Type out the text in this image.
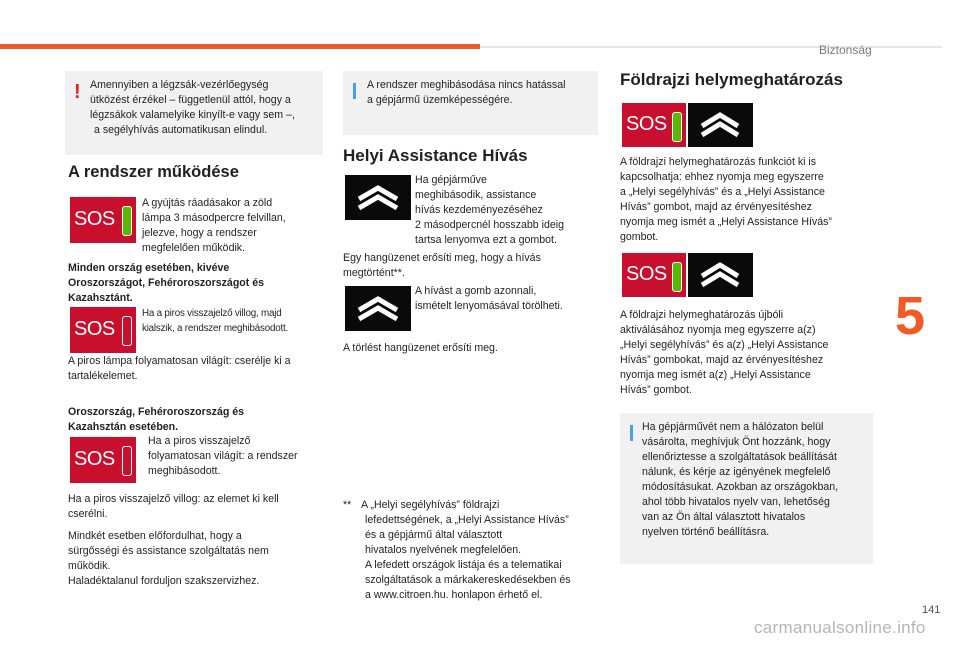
Biztonság
5
! Amennyiben a légzsák-vezérlőegység
ütközést érzékel – függetlenül attól, hogy a
légzsákok valamelyike kinyílt-e vagy sem –,
a segélyhívás automatikusan elindul.
A rendszer működése
SOS
A gyújtás ráadásakor a zöld
lámpa 3 másodpercre felvillan,
jelezve, hogy a rendszer
megfelelően működik.
Minden ország esetében, kivéve
Oroszországot, Fehéroroszországot és
Kazahsztánt.
SOS
Ha a piros visszajelző villog, majd
kialszik, a rendszer meghibásodott.
A piros lámpa folyamatosan világít: cserélje ki a
tartalékelemet.
Oroszország, Fehéroroszország és
Kazahsztán esetében.
SOS
Ha a piros visszajelző
folyamatosan világít: a rendszer
meghibásodott.
Ha a piros visszajelző villog: az elemet ki kell
cserélni.
Mindkét esetben előfordulhat, hogy a
sürgősségi és assistance szolgáltatás nem
működik.
Haladéktalanul forduljon szakszervizhez.
A rendszer meghibásodása nincs hatással
a gépjármű üzemképességére.
Helyi Assistance Hívás
Ha gépjárműve
meghibásodik, assistance
hívás kezdeményezéséhez
2 másodpercnél hosszabb ideig
tartsa lenyomva ezt a gombot.
Egy hangüzenet erősíti meg, hogy a hívás
megtörtént**.
A hívást a gomb azonnali,
ismételt lenyomásával törölheti.
A törlést hangüzenet erősíti meg.
** A „Helyi segélyhívás” földrajzi
lefedettségének, a „Helyi Assistance Hívás”
és a gépjármű által választott
hivatalos nyelvének megfelelően.
A lefedett országok listája és a telematikai
szolgáltatások a márkakereskedésekben és
a www.citroen.hu. honlapon érhető el.
Földrajzi helymeghatározás
SOS
A földrajzi helymeghatározás funkciót ki is
kapcsolhatja: ehhez nyomja meg egyszerre
a „Helyi segélyhívás” és a „Helyi Assistance
Hívás” gombot, majd az érvényesítéshez
nyomja meg ismét a „Helyi Assistance Hívás”
gombot.
SOS
A földrajzi helymeghatározás újbóli
aktiválásához nyomja meg egyszerre a(z)
„Helyi segélyhívás” és a(z) „Helyi Assistance
Hívás” gombokat, majd az érvényesítéshez
nyomja meg ismét a(z) „Helyi Assistance
Hívás” gombot.
Ha gépjárművét nem a hálózaton belül
vásárolta, meghívjuk Önt hozzánk, hogy
ellenőriztesse a szolgáltatások beállítását
nálunk, és kérje az igényének megfelelő
módosításukat. Azokban az országokban,
ahol több hivatalos nyelv van, lehetőség
van az Ön által választott hivatalos
nyelven történő beállításra.
141
carmanualsonline.info
